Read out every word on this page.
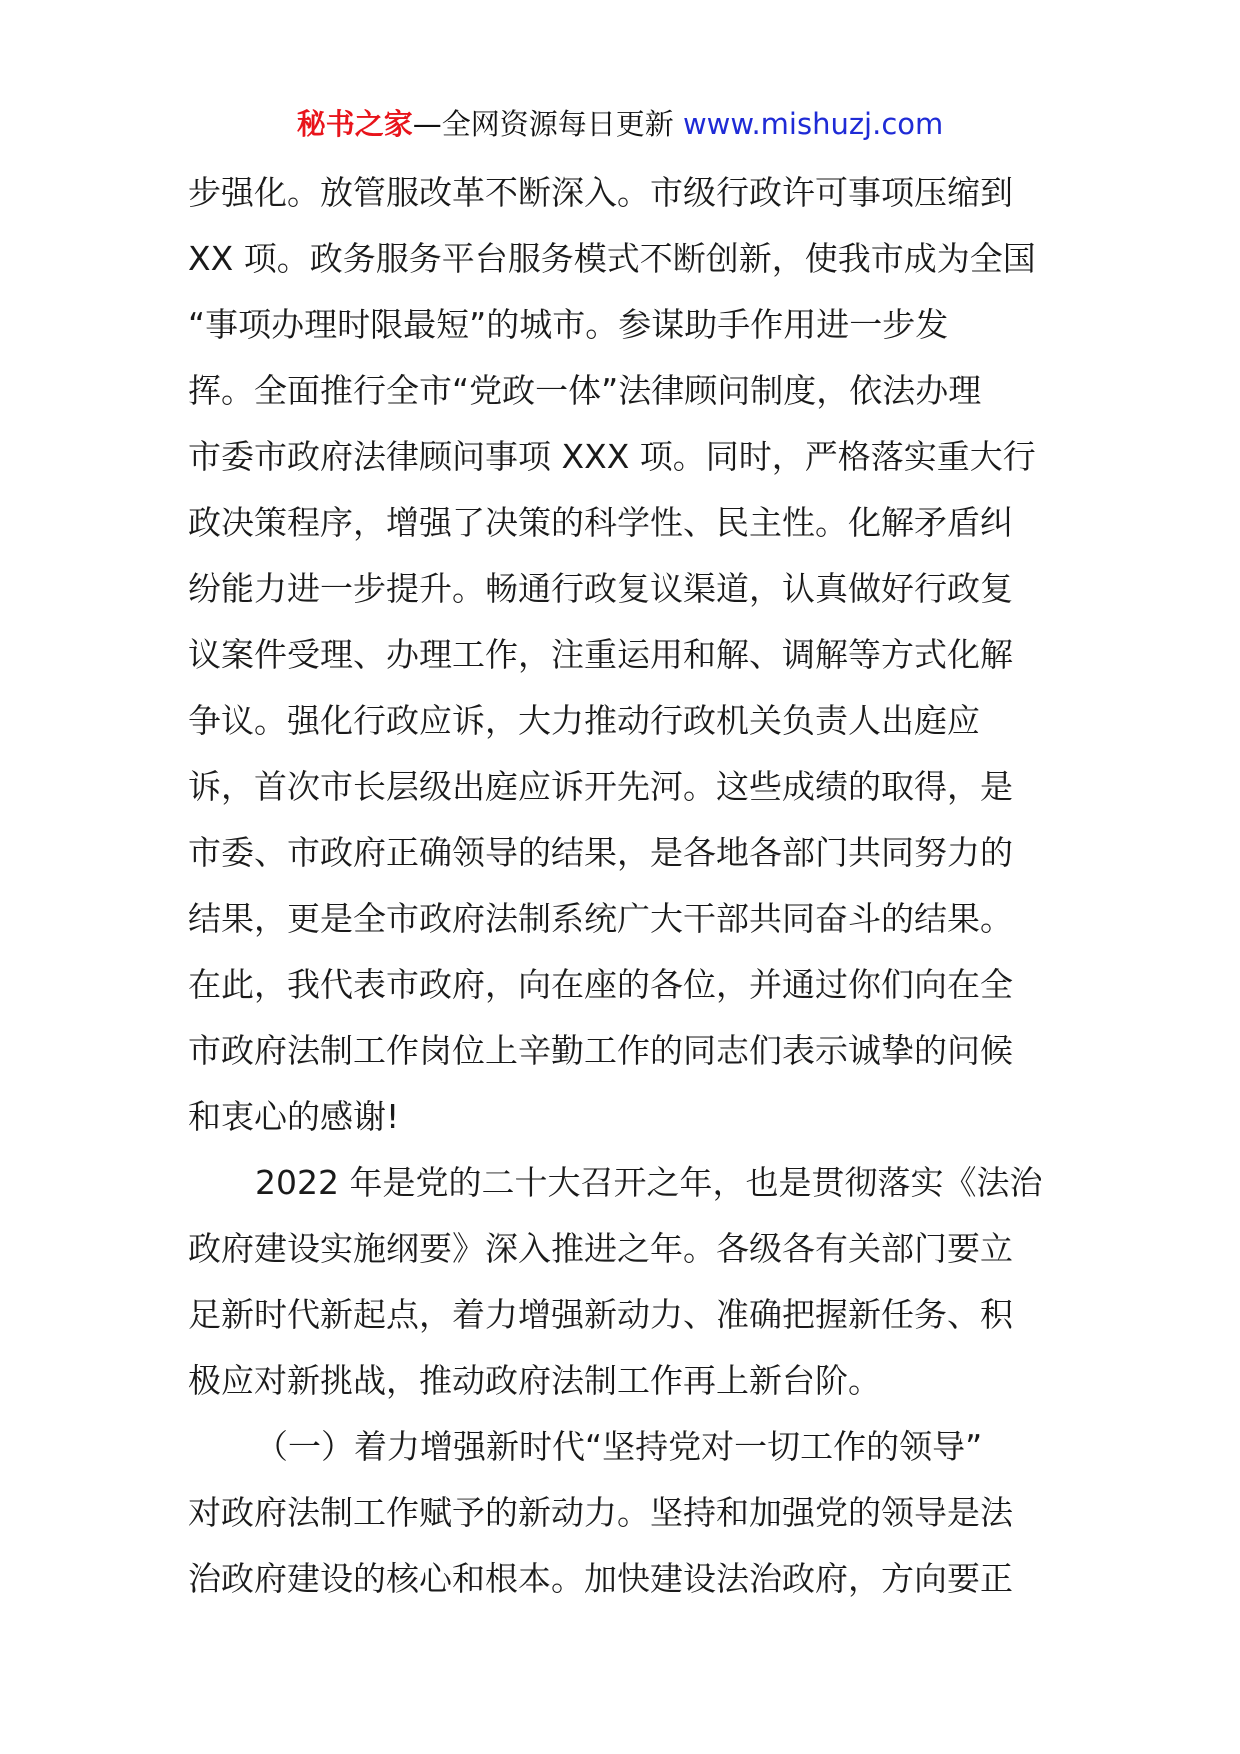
秘书之家—全网资源每日更新 www.mishuzj.com
步强化。放管服改革不断深入。市级行政许可事项压缩到
XX 项。政务服务平台服务模式不断创新，使我市成为全国
“事项办理时限最短”的城市。参谋助手作用进一步发
挥。全面推行全市“党政一体”法律顾问制度，依法办理
市委市政府法律顾问事项 XXX 项。同时，严格落实重大行
政决策程序，增强了决策的科学性、民主性。化解矛盾纠
纷能力进一步提升。畅通行政复议渠道，认真做好行政复
议案件受理、办理工作，注重运用和解、调解等方式化解
争议。强化行政应诉，大力推动行政机关负责人出庭应
诉，首次市长层级出庭应诉开先河。这些成绩的取得，是
市委、市政府正确领导的结果，是各地各部门共同努力的
结果，更是全市政府法制系统广大干部共同奋斗的结果。
在此，我代表市政府，向在座的各位，并通过你们向在全
市政府法制工作岗位上辛勤工作的同志们表示诚挚的问候
和衷心的感谢!
2022 年是党的二十大召开之年，也是贯彻落实《法治
政府建设实施纲要》深入推进之年。各级各有关部门要立
足新时代新起点，着力增强新动力、准确把握新任务、积
极应对新挑战，推动政府法制工作再上新台阶。
（一）着力增强新时代“坚持党对一切工作的领导”
对政府法制工作赋予的新动力。坚持和加强党的领导是法
治政府建设的核心和根本。加快建设法治政府，方向要正
